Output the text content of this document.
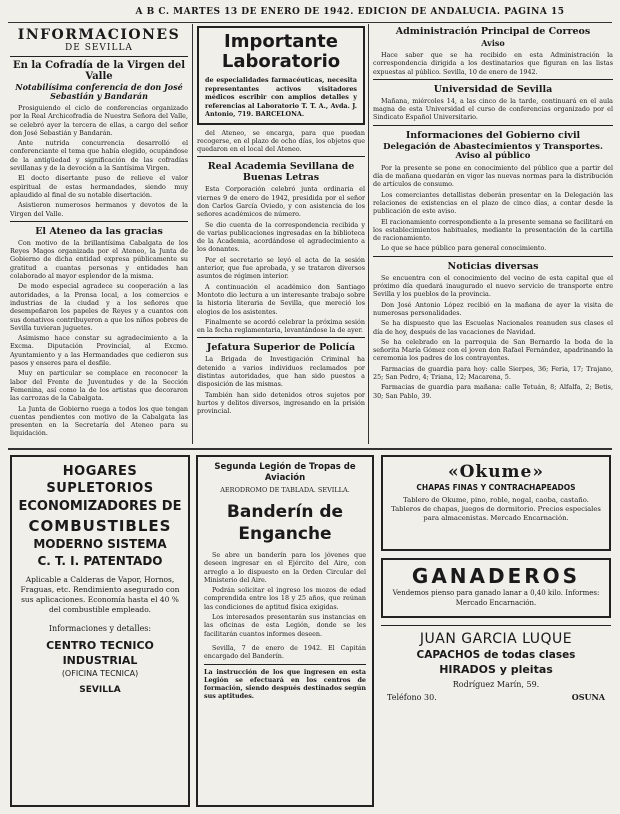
A B C. MARTES 13 DE ENERO DE 1942. EDICION DE ANDALUCIA. PAGINA 15
INFORMACIONES
DE SEVILLA
En la Cofradía de la Virgen del Valle
Notabilísima conferencia de don José Sebastián y Bandarán

Prosiguiendo el ciclo de conferencias organizado por la Real Archicofradía de Nuestra Señora del Valle, se celebró ayer la tercera de ellas, a cargo del señor don José Sebastián y Bandarán.

Ante nutrida concurrencia desarrolló el conferenciante el tema que había elegido, ocupándose de la antigüedad y significación de las cofradías sevillanas y de la devoción a la Santísima Virgen.

El docto disertante puso de relieve el valor espiritual de estas hermandades, siendo muy aplaudido al final de su notable disertación.

Asistieron numerosos hermanos y devotos de la Virgen del Valle.

El Ateneo da las gracias

Con motivo de la brillantísima Cabalgata de los Reyes Magos organizada por el Ateneo, la Junta de Gobierno de dicha entidad expresa públicamente su gratitud a cuantas personas y entidades han colaborado al mayor esplendor de la misma.

De modo especial agradece su cooperación a las autoridades, a la Prensa local, a los comercios e industrias de la ciudad y a los señores que desempeñaron los papeles de Reyes y a cuantos con sus donativos contribuyeron a que los niños pobres de Sevilla tuvieran juguetes.

Asimismo hace constar su agradecimiento a la Excma. Diputación Provincial, al Excmo. Ayuntamiento y a las Hermandades que cedieron sus pasos y enseres para el desfile.

Muy en particular se complace en reconocer la labor del Frente de Juventudes y de la Sección Femenina, así como la de los artistas que decoraron las carrozas de la Cabalgata.

La Junta de Gobierno ruega a todos los que tengan cuentas pendientes con motivo de la Cabalgata las presenten en la Secretaría del Ateneo para su liquidación.

Importante
Laboratorio
de especialidades farmacéuticas, necesita representantes activos visitadores médicos escribir con amplios detalles y referencias al Laboratorio T. T. A., Avda. J. Antonio, 719. BARCELONA.

del Ateneo, se encarga, para que puedan recogerse, en el plazo de ocho días, los objetos que quedaron en el local del Ateneo.

Real Academia Sevillana de Buenas Letras

Esta Corporación celebró junta ordinaria el viernes 9 de enero de 1942, presidida por el señor don Carlos García Oviedo, y con asistencia de los señores académicos de número.

Se dio cuenta de la correspondencia recibida y de varias publicaciones ingresadas en la biblioteca de la Academia, acordándose el agradecimiento a los donantes.

Por el secretario se leyó el acta de la sesión anterior, que fue aprobada, y se trataron diversos asuntos de régimen interior.

A continuación el académico don Santiago Montoto dio lectura a un interesante trabajo sobre la historia literaria de Sevilla, que mereció los elogios de los asistentes.

Finalmente se acordó celebrar la próxima sesión en la fecha reglamentaria, levantándose la de ayer.

Jefatura Superior de Policía

La Brigada de Investigación Criminal ha detenido a varios individuos reclamados por distintas autoridades, que han sido puestos a disposición de las mismas.

También han sido detenidos otros sujetos por hurtos y delitos diversos, ingresando en la prisión provincial.

Administración Principal de Correos
Aviso

Hace saber que se ha recibido en esta Administración la correspondencia dirigida a los destinatarios que figuran en las listas expuestas al público. Sevilla, 10 de enero de 1942.

Universidad de Sevilla

Mañana, miércoles 14, a las cinco de la tarde, continuará en el aula magna de esta Universidad el curso de conferencias organizado por el Sindicato Español Universitario.

Informaciones del Gobierno civil
Delegación de Abastecimientos y Transportes. Aviso al público

Por la presente se pone en conocimiento del público que a partir del día de mañana quedarán en vigor las nuevas normas para la distribución de artículos de consumo.

Los comerciantes detallistas deberán presentar en la Delegación las relaciones de existencias en el plazo de cinco días, a contar desde la publicación de este aviso.

El racionamiento correspondiente a la presente semana se facilitará en los establecimientos habituales, mediante la presentación de la cartilla de racionamiento.

Lo que se hace público para general conocimiento.

Noticias diversas

Se encuentra con el conocimiento del vecino de esta capital que el próximo día quedará inaugurado el nuevo servicio de transporte entre Sevilla y los pueblos de la provincia.

Don José Antonio López recibió en la mañana de ayer la visita de numerosas personalidades.

Se ha dispuesto que las Escuelas Nacionales reanuden sus clases el día de hoy, después de las vacaciones de Navidad.

Se ha celebrado en la parroquia de San Bernardo la boda de la señorita María Gómez con el joven don Rafael Fernández, apadrinando la ceremonia los padres de los contrayentes.

Farmacias de guardia para hoy: calle Sierpes, 36; Feria, 17; Trajano, 25; San Pedro, 4; Triana, 12; Macarena, 5.

Farmacias de guardia para mañana: calle Tetuán, 8; Alfalfa, 2; Betis, 30; San Pablo, 39.

HOGARES SUPLETORIOS
ECONOMIZADORES DE
COMBUSTIBLES
MODERNO SISTEMA
C. T. I. PATENTADO
Aplicable a Calderas de Vapor, Hornos, Fraguas, etc. Rendimiento asegurado con sus aplicaciones. Economía hasta el 40 % del combustible empleado.
Informaciones y detalles:
CENTRO TECNICO INDUSTRIAL
(OFICINA TECNICA)
SEVILLA
Segunda Legión de Tropas de Aviación
AERODROMO DE TABLADA. SEVILLA.
Banderín de Enganche

Se abre un banderín para los jóvenes que deseen ingresar en el Ejército del Aire, con arreglo a lo dispuesto en la Orden Circular del Ministerio del Aire.

Podrán solicitar el ingreso los mozos de edad comprendida entre los 18 y 25 años, que reúnan las condiciones de aptitud física exigidas.

Los interesados presentarán sus instancias en las oficinas de esta Legión, donde se les facilitarán cuantos informes deseen.

Sevilla, 7 de enero de 1942. El Capitán encargado del Banderín.

La instrucción de los que ingresen en esta Legión se efectuará en los centros de formación, siendo después destinados según sus aptitudes.
«Okume»
CHAPAS FINAS Y CONTRACHAPEADOS
Tablero de Okume, pino, roble, nogal, caoba, castaño. Tableros de chapas, juegos de dormitorio. Precios especiales para almacenistas. Mercado Encarnación.
GANADEROS
Vendemos pienso para ganado lanar a 0,40 kilo. Informes: Mercado Encarnación.
JUAN GARCIA LUQUE
CAPACHOS de todas clases
HIRADOS y pleitas
Rodríguez Marín, 59.
Teléfono 30.	OSUNA
